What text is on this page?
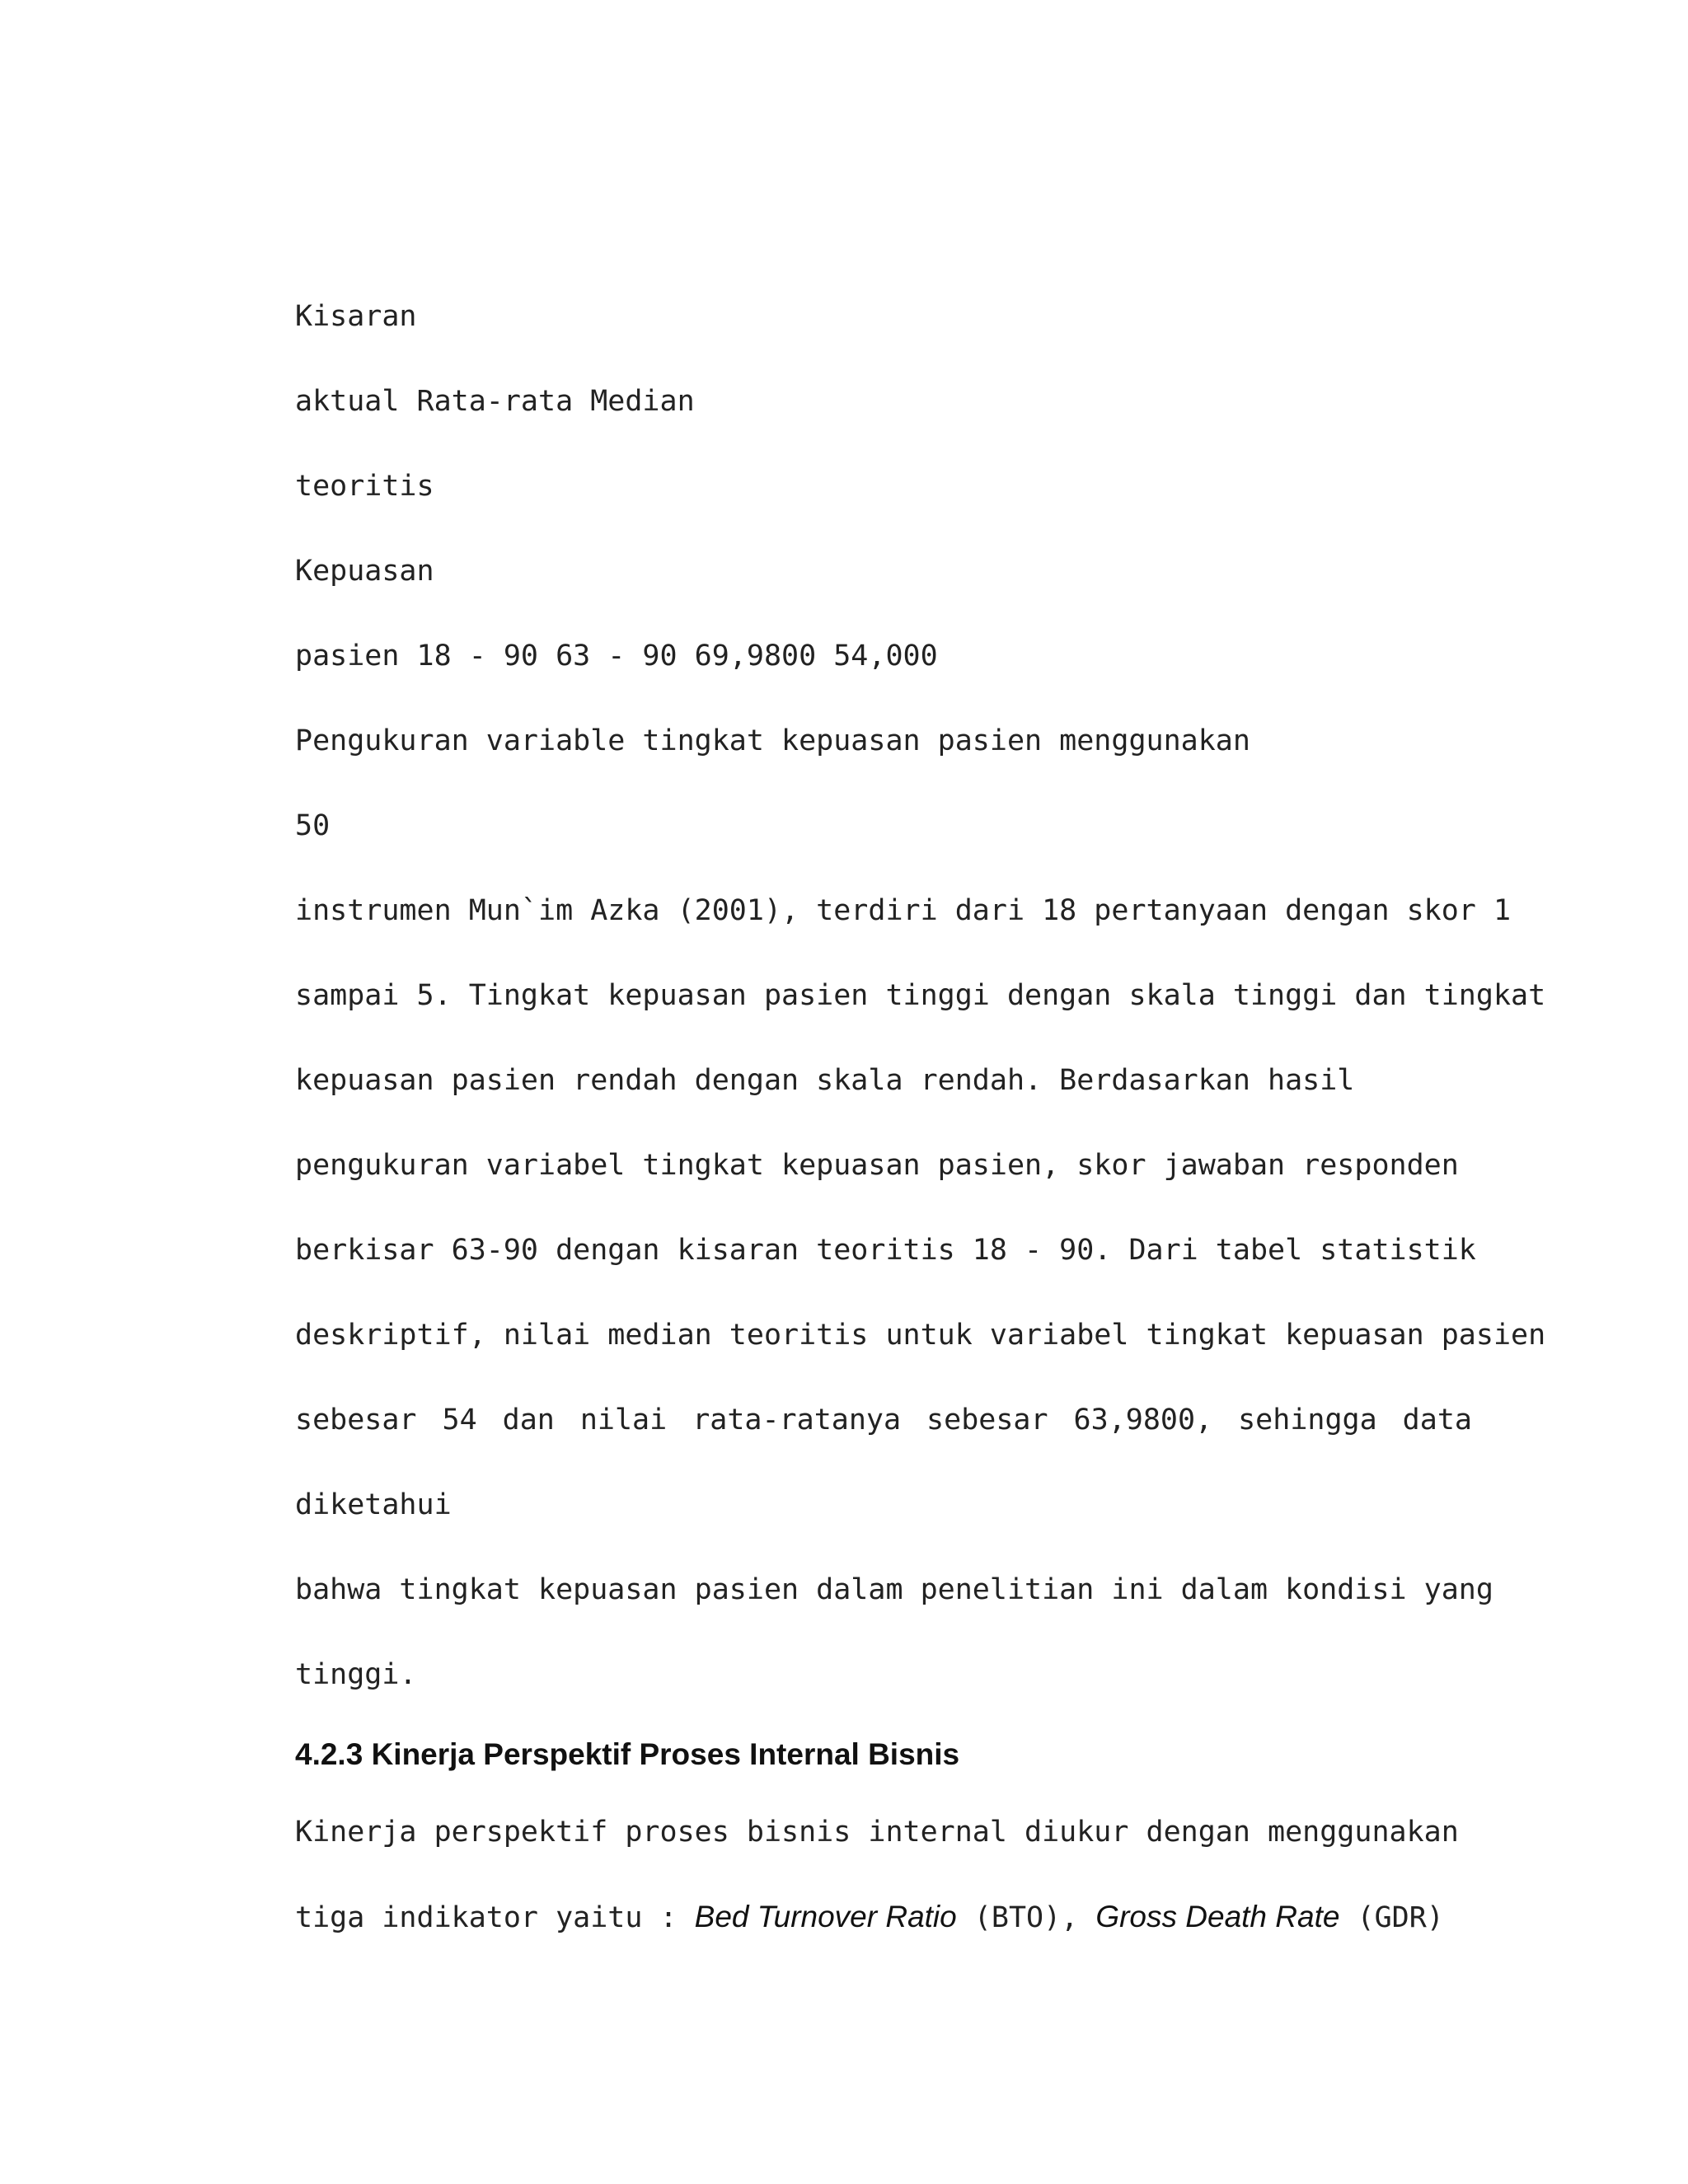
Kisaran
aktual Rata-rata Median
teoritis
Kepuasan
pasien 18 - 90 63 - 90 69,9800 54,000
Pengukuran variable tingkat kepuasan pasien menggunakan
50
instrumen Mun`im Azka (2001), terdiri dari 18 pertanyaan dengan skor 1
sampai 5. Tingkat kepuasan pasien tinggi dengan skala tinggi dan tingkat
kepuasan pasien rendah dengan skala rendah. Berdasarkan hasil
pengukuran variabel tingkat kepuasan pasien, skor jawaban responden
berkisar 63-90 dengan kisaran teoritis 18 - 90. Dari tabel statistik
deskriptif, nilai median teoritis untuk variabel tingkat kepuasan pasien
sebesar 54 dan nilai rata-ratanya sebesar 63,9800, sehingga data
diketahui
bahwa tingkat kepuasan pasien dalam penelitian ini dalam kondisi yang
tinggi.
4.2.3 Kinerja Perspektif Proses Internal Bisnis
Kinerja perspektif proses bisnis internal diukur dengan menggunakan
tiga indikator yaitu : Bed Turnover Ratio (BTO), Gross Death Rate (GDR)
